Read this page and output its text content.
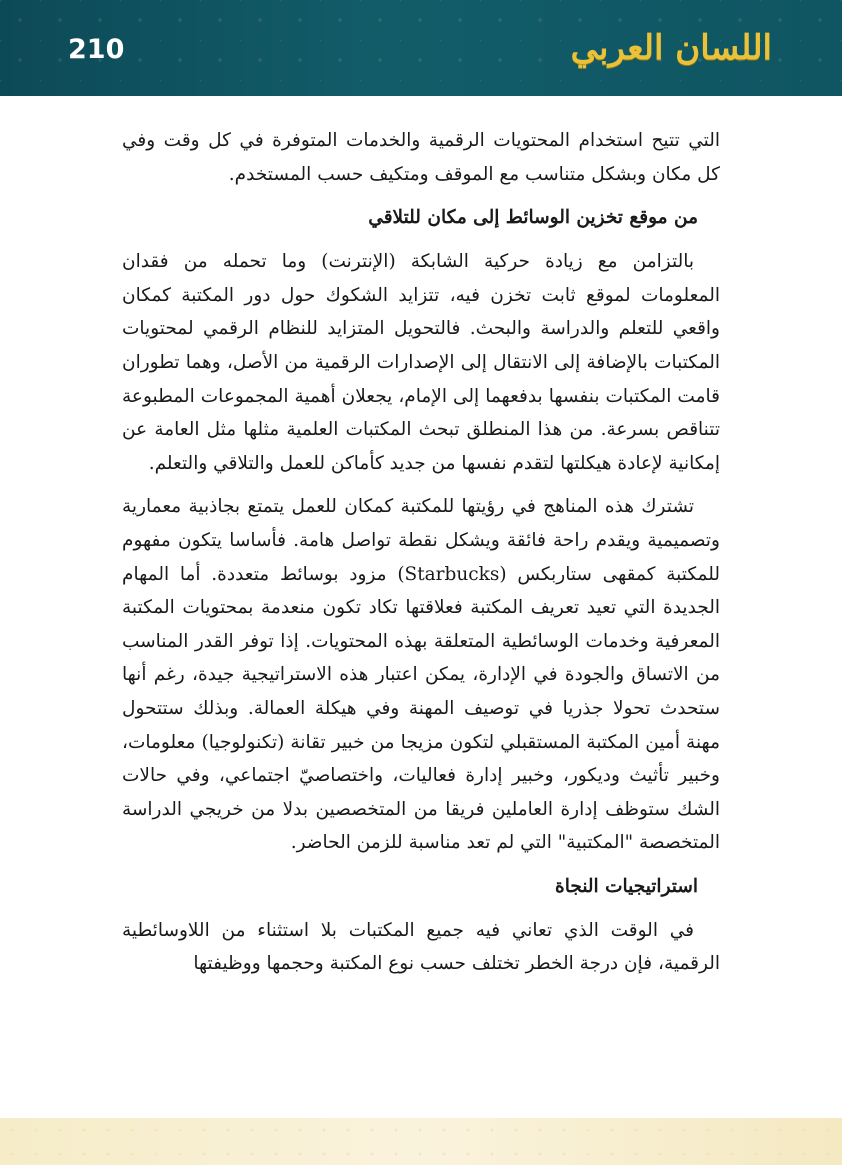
210	اللسان العربي

التي تتيح استخدام المحتويات الرقمية والخدمات المتوفرة في كل وقت وفي كل مكان وبشكل متناسب مع الموقف ومتكيف حسب المستخدم.

من موقع تخزين الوسائط إلى مكان للتلاقي

بالتزامن مع زيادة حركية الشابكة (الإنترنت) وما تحمله من فقدان المعلومات لموقع ثابت تخزن فيه، تتزايد الشكوك حول دور المكتبة كمكان واقعي للتعلم والدراسة والبحث. فالتحويل المتزايد للنظام الرقمي لمحتويات المكتبات بالإضافة إلى الانتقال إلى الإصدارات الرقمية من الأصل، وهما تطوران قامت المكتبات بنفسها بدفعهما إلى الإمام، يجعلان أهمية المجموعات المطبوعة تتناقص بسرعة. من هذا المنطلق تبحث المكتبات العلمية مثلها مثل العامة عن إمكانية لإعادة هيكلتها لتقدم نفسها من جديد كأماكن للعمل والتلاقي والتعلم.

تشترك هذه المناهج في رؤيتها للمكتبة كمكان للعمل يتمتع بجاذبية معمارية وتصميمية ويقدم راحة فائقة ويشكل نقطة تواصل هامة. فأساسا يتكون مفهوم للمكتبة كمقهى ستاربكس (Starbucks) مزود بوسائط متعددة. أما المهام الجديدة التي تعيد تعريف المكتبة فعلاقتها تكاد تكون منعدمة بمحتويات المكتبة المعرفية وخدمات الوسائطية المتعلقة بهذه المحتويات. إذا توفر القدر المناسب من الاتساق والجودة في الإدارة، يمكن اعتبار هذه الاستراتيجية جيدة، رغم أنها ستحدث تحولا جذريا في توصيف المهنة وفي هيكلة العمالة. وبذلك ستتحول مهنة أمين المكتبة المستقبلي لتكون مزيجا من خبير تقانة (تكنولوجيا) معلومات، وخبير تأثيث وديكور، وخبير إدارة فعاليات، واختصاصيّ اجتماعي، وفي حالات الشك ستوظف إدارة العاملين فريقا من المتخصصين بدلا من خريجي الدراسة المتخصصة "المكتبية" التي لم تعد مناسبة للزمن الحاضر.

استراتيجيات النجاة

في الوقت الذي تعاني فيه جميع المكتبات بلا استثناء من اللاوسائطية الرقمية، فإن درجة الخطر تختلف حسب نوع المكتبة وحجمها ووظيفتها
